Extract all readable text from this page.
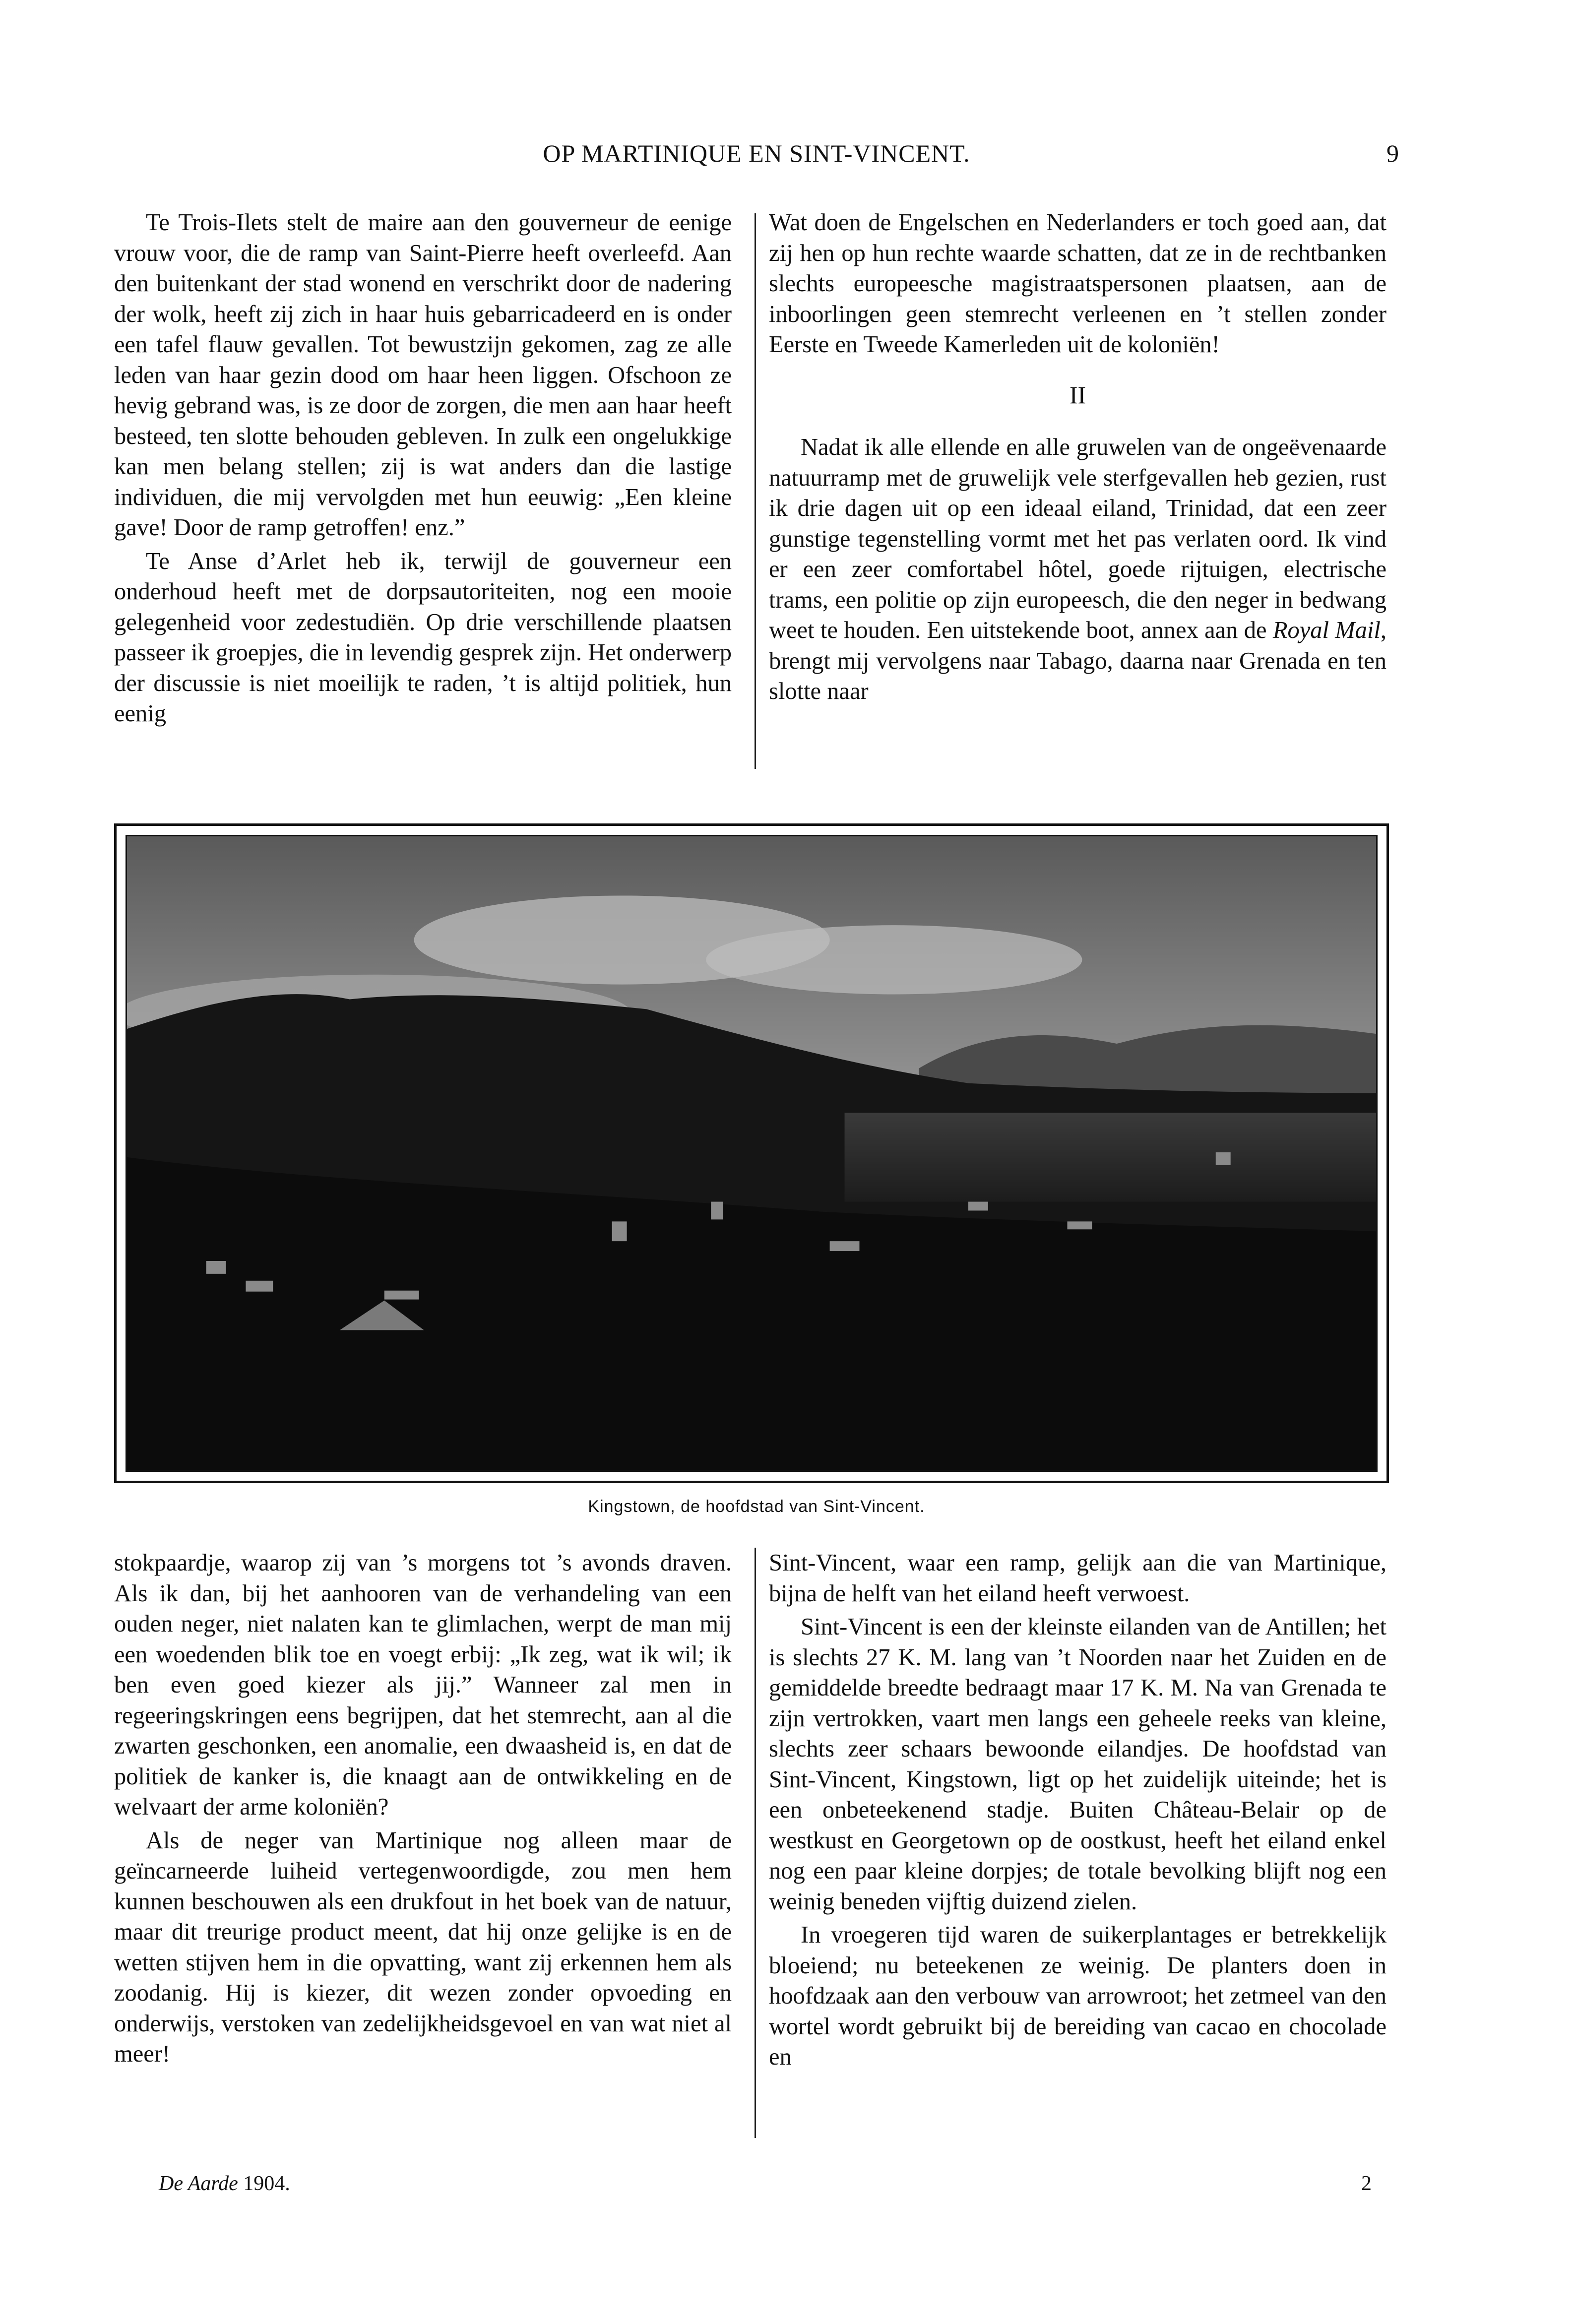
OP MARTINIQUE EN SINT-VINCENT.	9

Te Trois-Ilets stelt de maire aan den gouverneur de eenige vrouw voor, die de ramp van Saint-Pierre heeft overleefd. Aan den buitenkant der stad wonend en verschrikt door de nadering der wolk, heeft zij zich in haar huis gebarricadeerd en is onder een tafel flauw gevallen. Tot bewustzijn gekomen, zag ze alle leden van haar gezin dood om haar heen liggen. Ofschoon ze hevig gebrand was, is ze door de zorgen, die men aan haar heeft besteed, ten slotte behouden gebleven. In zulk een ongelukkige kan men belang stellen; zij is wat anders dan die lastige individuen, die mij vervolgden met hun eeuwig: „Een kleine gave! Door de ramp getroffen! enz.”

Te Anse d’Arlet heb ik, terwijl de gouverneur een onderhoud heeft met de dorpsautoriteiten, nog een mooie gelegenheid voor zedestudiën. Op drie verschillende plaatsen passeer ik groepjes, die in levendig gesprek zijn. Het onderwerp der discussie is niet moeilijk te raden, ’t is altijd politiek, hun eenig

Wat doen de Engelschen en Nederlanders er toch goed aan, dat zij hen op hun rechte waarde schatten, dat ze in de rechtbanken slechts europeesche magistraatspersonen plaatsen, aan de inboorlingen geen stemrecht verleenen en ’t stellen zonder Eerste en Tweede Kamerleden uit de koloniën!

II

Nadat ik alle ellende en alle gruwelen van de ongeëvenaarde natuurramp met de gruwelijk vele sterfgevallen heb gezien, rust ik drie dagen uit op een ideaal eiland, Trinidad, dat een zeer gunstige tegenstelling vormt met het pas verlaten oord. Ik vind er een zeer comfortabel hôtel, goede rijtuigen, electrische trams, een politie op zijn europeesch, die den neger in bedwang weet te houden. Een uitstekende boot, annex aan de Royal Mail, brengt mij vervolgens naar Tabago, daarna naar Grenada en ten slotte naar

Kingstown, de hoofdstad van Sint-Vincent.

stokpaardje, waarop zij van ’s morgens tot ’s avonds draven. Als ik dan, bij het aanhooren van de verhandeling van een ouden neger, niet nalaten kan te glimlachen, werpt de man mij een woedenden blik toe en voegt erbij: „Ik zeg, wat ik wil; ik ben even goed kiezer als jij.” Wanneer zal men in regeeringskringen eens begrijpen, dat het stemrecht, aan al die zwarten geschonken, een anomalie, een dwaasheid is, en dat de politiek de kanker is, die knaagt aan de ontwikkeling en de welvaart der arme koloniën?

Als de neger van Martinique nog alleen maar de geïncarneerde luiheid vertegenwoordigde, zou men hem kunnen beschouwen als een drukfout in het boek van de natuur, maar dit treurige product meent, dat hij onze gelijke is en de wetten stijven hem in die opvatting, want zij erkennen hem als zoodanig. Hij is kiezer, dit wezen zonder opvoeding en onderwijs, verstoken van zedelijkheidsgevoel en van wat niet al meer!

Sint-Vincent, waar een ramp, gelijk aan die van Martinique, bijna de helft van het eiland heeft verwoest.

Sint-Vincent is een der kleinste eilanden van de Antillen; het is slechts 27 K. M. lang van ’t Noorden naar het Zuiden en de gemiddelde breedte bedraagt maar 17 K. M. Na van Grenada te zijn vertrokken, vaart men langs een geheele reeks van kleine, slechts zeer schaars bewoonde eilandjes. De hoofdstad van Sint-Vincent, Kingstown, ligt op het zuidelijk uiteinde; het is een onbeteekenend stadje. Buiten Château-Belair op de westkust en Georgetown op de oostkust, heeft het eiland enkel nog een paar kleine dorpjes; de totale bevolking blijft nog een weinig beneden vijftig duizend zielen.

In vroegeren tijd waren de suikerplantages er betrekkelijk bloeiend; nu beteekenen ze weinig. De planters doen in hoofdzaak aan den verbouw van arrowroot; het zetmeel van den wortel wordt gebruikt bij de bereiding van cacao en chocolade en

De Aarde 1904.	2
